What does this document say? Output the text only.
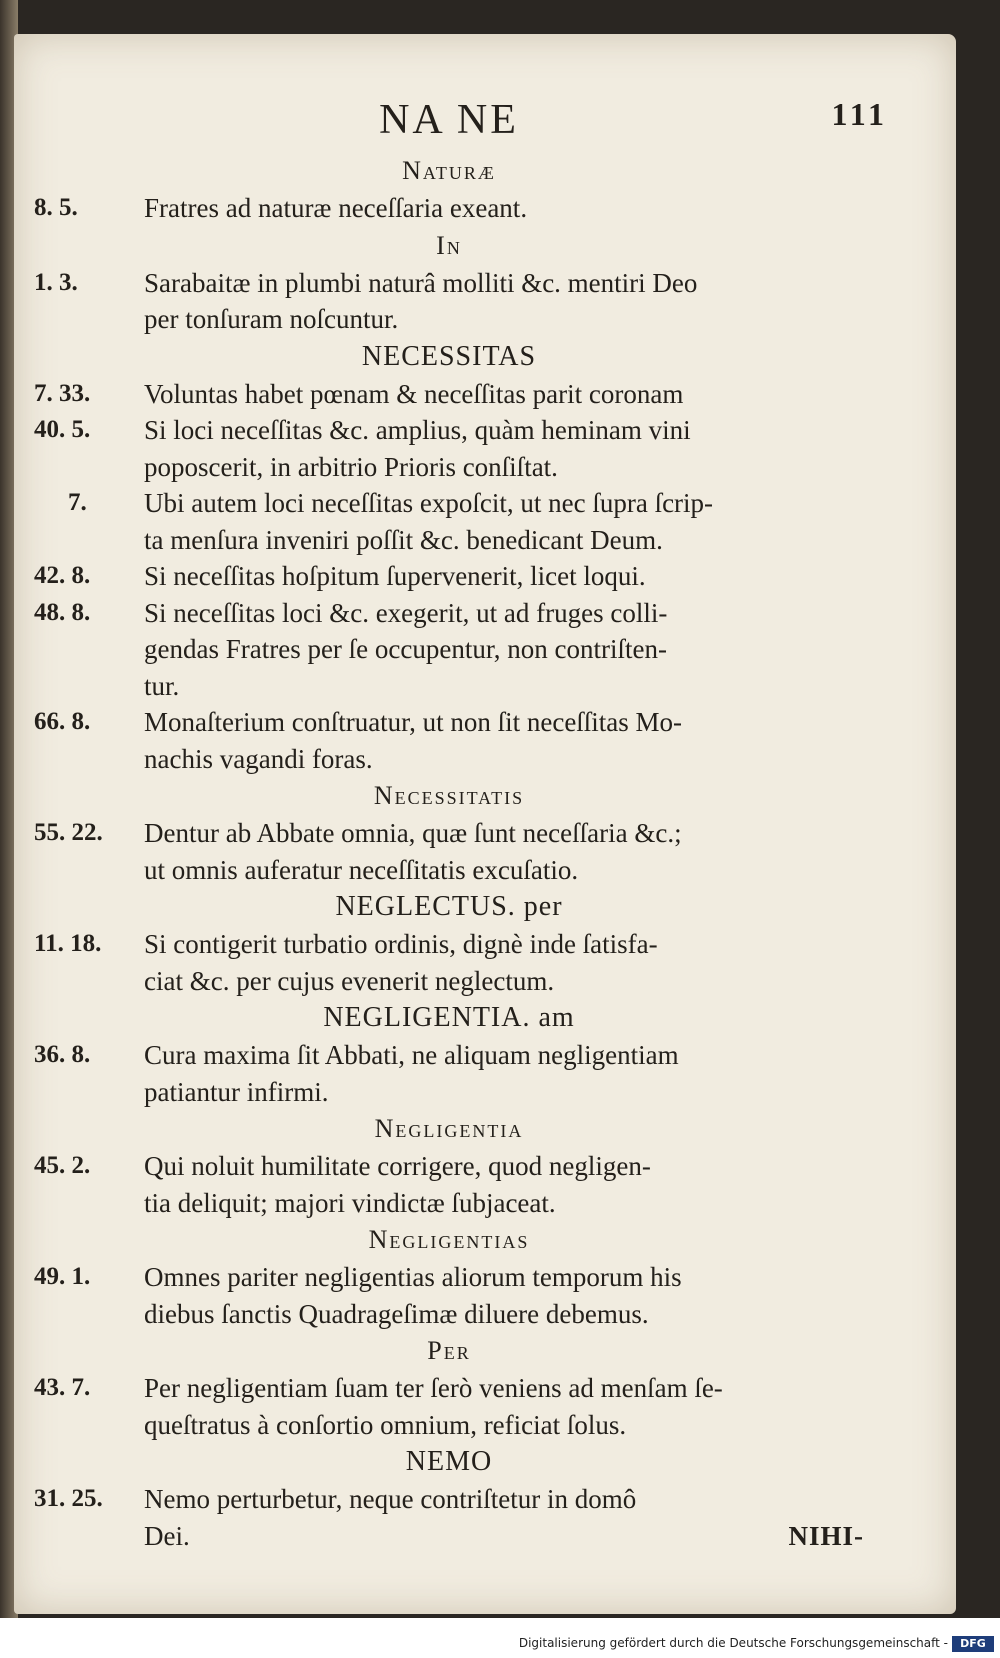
NA NE	111
Naturæ
8. 5.	Fratres ad naturæ neceſſaria exeant.
In
1. 3.	Sarabaitæ in plumbi naturâ molliti &c. mentiri Deo
per tonſuram noſcuntur.
NECESSITAS
7. 33.	Voluntas habet pœnam & neceſſitas parit coronam
40. 5.	Si loci neceſſitas &c. amplius, quàm heminam vini
poposcerit, in arbitrio Prioris conſiſtat.
7.	Ubi autem loci neceſſitas expoſcit, ut nec ſupra ſcrip-
ta menſura inveniri poſſit &c. benedicant Deum.
42. 8.	Si neceſſitas hoſpitum ſupervenerit, licet loqui.
48. 8.	Si neceſſitas loci &c. exegerit, ut ad fruges colli-
gendas Fratres per ſe occupentur, non contriſten-
tur.
66. 8.	Monaſterium conſtruatur, ut non ſit neceſſitas Mo-
nachis vagandi foras.
Necessitatis
55. 22.	Dentur ab Abbate omnia, quæ ſunt neceſſaria &c.;
ut omnis auferatur neceſſitatis excuſatio.
NEGLECTUS. per
11. 18.	Si contigerit turbatio ordinis, dignè inde ſatisfa-
ciat &c. per cujus evenerit neglectum.
NEGLIGENTIA. am
36. 8.	Cura maxima ſit Abbati, ne aliquam negligentiam
patiantur infirmi.
Negligentia
45. 2.	Qui noluit humilitate corrigere, quod negligen-
tia deliquit; majori vindictæ ſubjaceat.
Negligentias
49. 1.	Omnes pariter negligentias aliorum temporum his
diebus ſanctis Quadrageſimæ diluere debemus.
Per
43. 7.	Per negligentiam ſuam ter ſerò veniens ad menſam ſe-
queſtratus à conſortio omnium, reficiat ſolus.
NEMO
31. 25.	Nemo perturbetur, neque contriſtetur in domô
Dei.	NIHI-
Digitalisierung gefördert durch die Deutsche Forschungsgemeinschaft -	DFG
